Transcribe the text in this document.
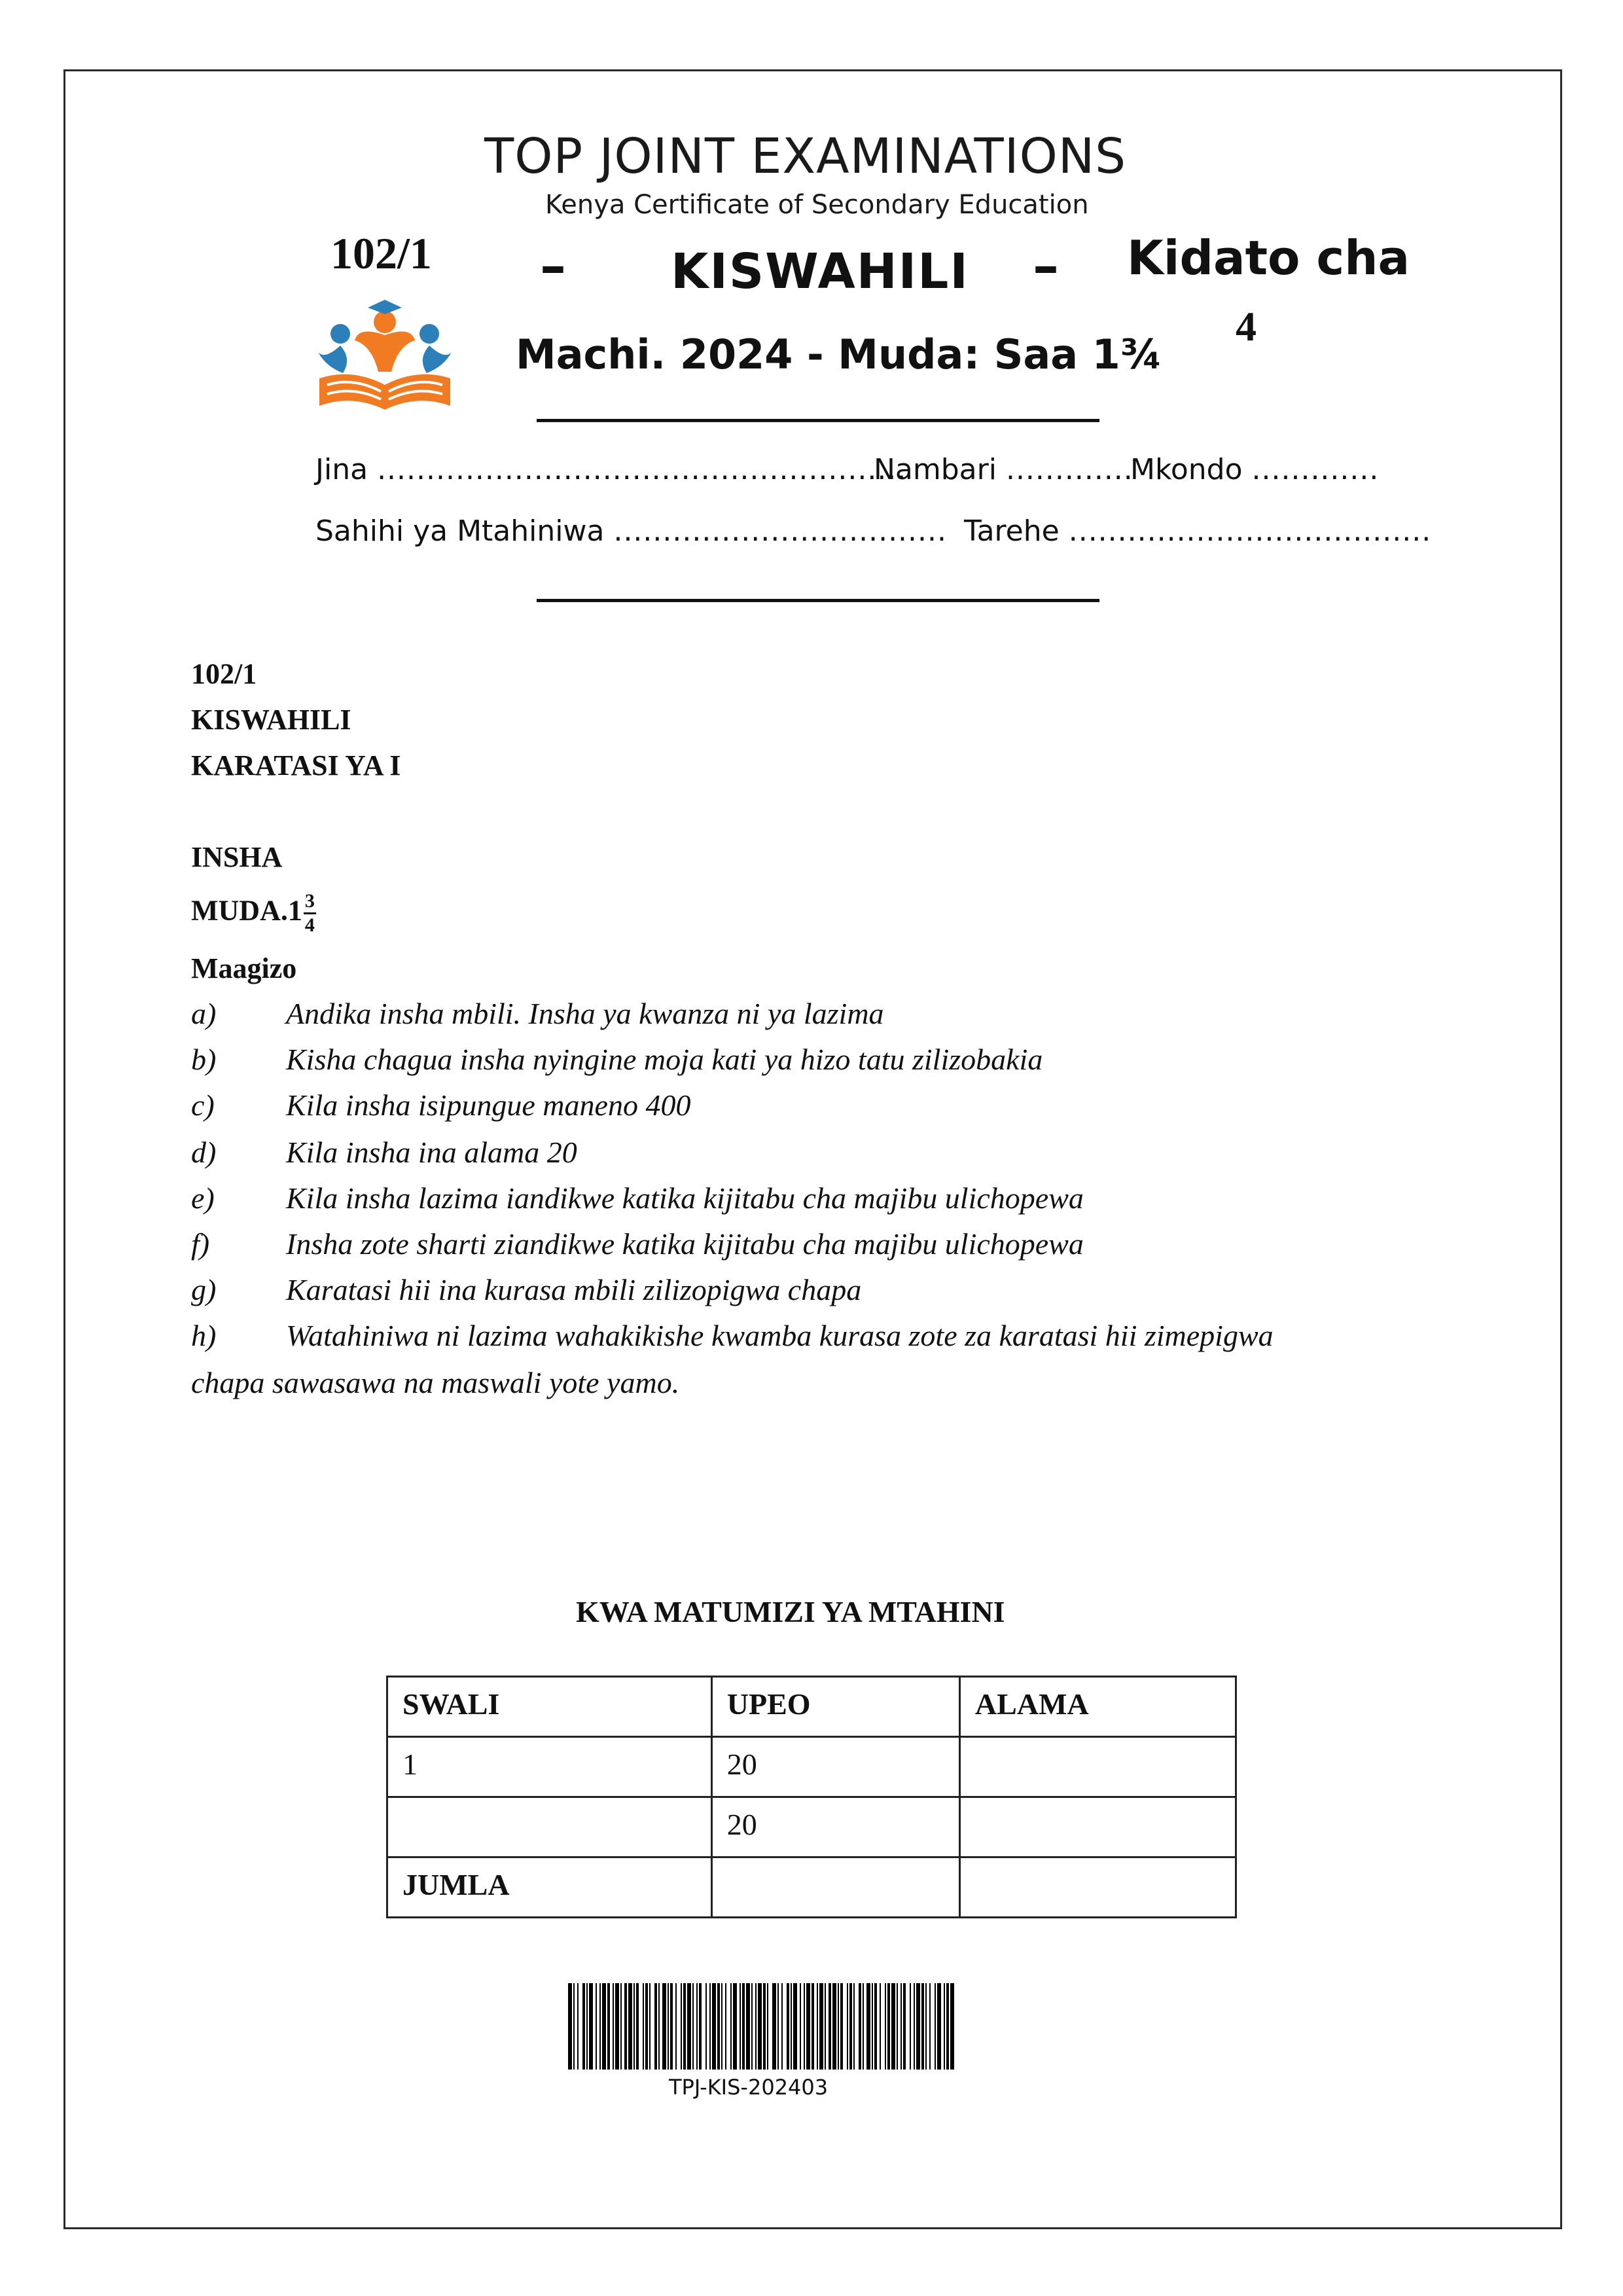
TOP JOINT EXAMINATIONS
Kenya Certificate of Secondary Education
102/1 – KISWAHILI – Kidato cha
4
Machi. 2024 - Muda: Saa 1¾
Jina ......................................................
Nambari .............
Mkondo .............
Sahihi ya Mtahiniwa .................................. Tarehe .....................................
102/1
KISWAHILI
KARATASI YA I
INSHA
MUDA.1 $\frac{3}{4}$
Maagizo
a) Andika insha mbili. Insha ya kwanza ni ya lazima
b) Kisha chagua insha nyingine moja kati ya hizo tatu zilizobakia
c) Kila insha isipungue maneno 400
d) Kila insha ina alama 20
e) Kila insha lazima iandikwe katika kijitabu cha majibu ulichopewa
f)	Insha zote sharti ziandikwe katika kijitabu cha majibu ulichopewa
g) Karatasi hii ina kurasa mbili zilizopigwa chapa
h) Watahiniwa ni lazima wahakikishe kwamba kurasa zote za karatasi hii zimepigwa
chapa sawasawa na maswali yote yamo.
KWA MATUMIZI YA MTAHINI
SWALI	UPEO	ALAMA
1	20	
	20	
JUMLA		
TPJ-KIS-202403
